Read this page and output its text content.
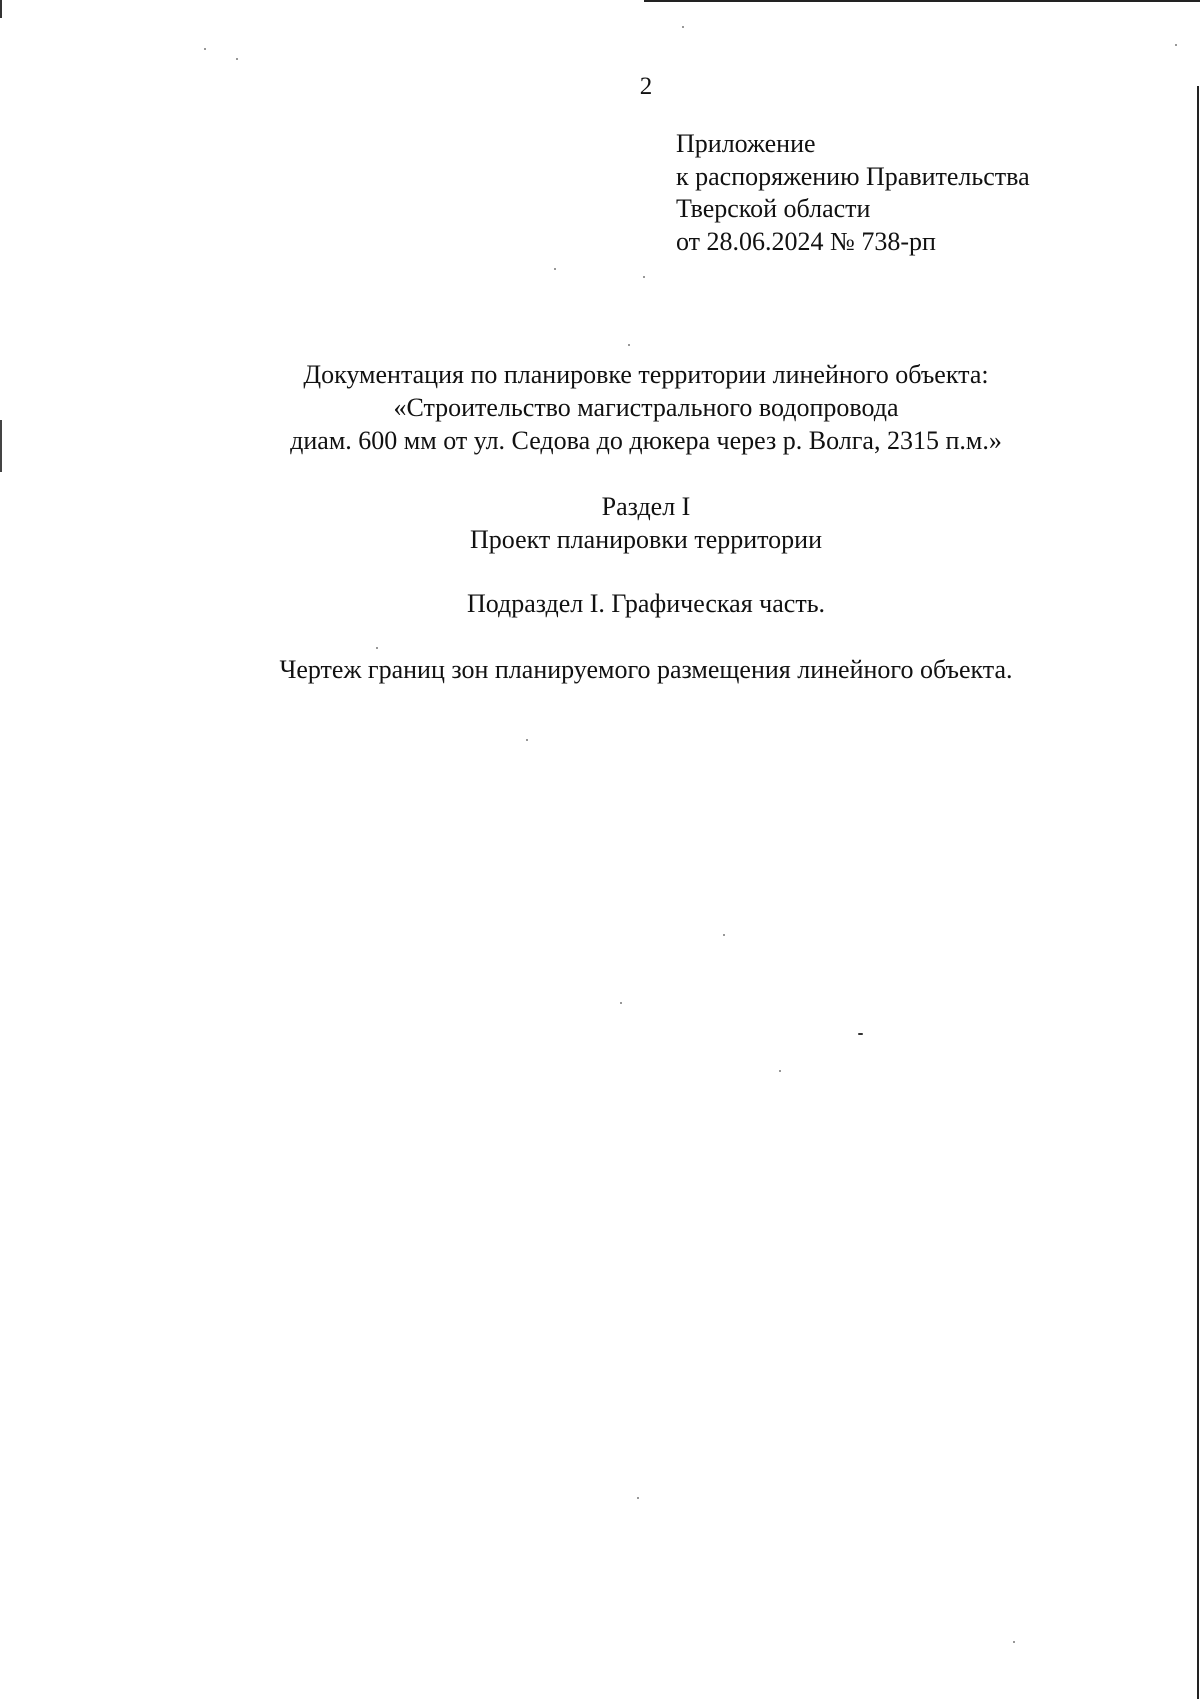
2
Приложение
к распоряжению Правительства
Тверской области
от 28.06.2024 № 738-рп
Документация по планировке территории линейного объекта:
«Строительство магистрального водопровода
диам. 600 мм от ул. Седова до дюкера через р. Волга, 2315 п.м.»
Раздел I
Проект планировки территории
Подраздел I. Графическая часть.
Чертеж границ зон планируемого размещения линейного объекта.
